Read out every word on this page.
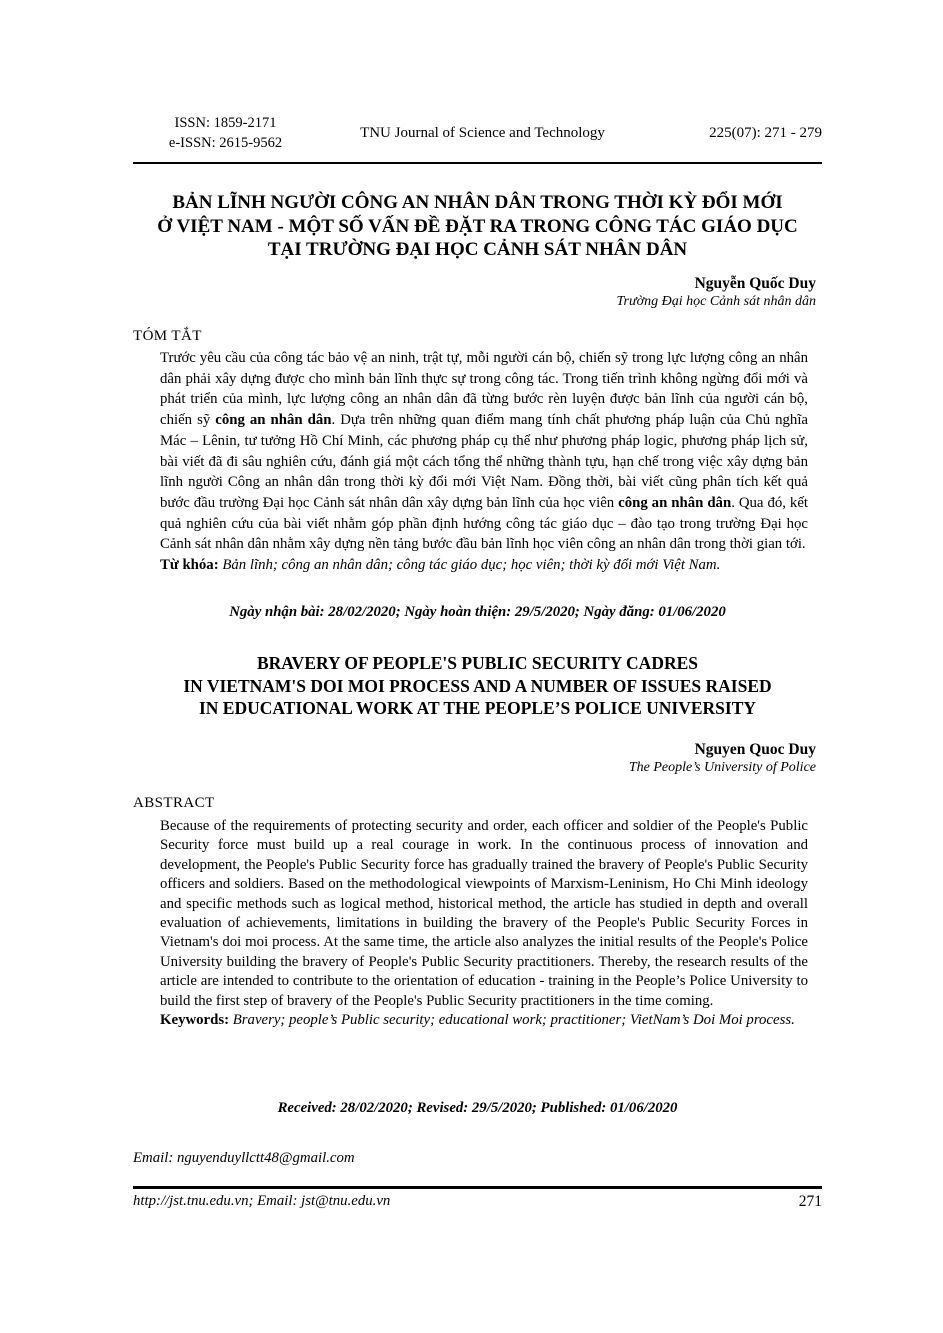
ISSN: 1859-2171
e-ISSN: 2615-9562
TNU Journal of Science and Technology	225(07): 271 - 279
BẢN LĨNH NGƯỜI CÔNG AN NHÂN DÂN TRONG THỜI KỲ ĐỔI MỚI
Ở VIỆT NAM - MỘT SỐ VẤN ĐỀ ĐẶT RA TRONG CÔNG TÁC GIÁO DỤC
TẠI TRƯỜNG ĐẠI HỌC CẢNH SÁT NHÂN DÂN
Nguyễn Quốc Duy
Trường Đại học Cảnh sát nhân dân
TÓM TẮT

Trước yêu cầu của công tác bảo vệ an ninh, trật tự, mỗi người cán bộ, chiến sỹ trong lực lượng công an nhân dân phải xây dựng được cho mình bản lĩnh thực sự trong công tác. Trong tiến trình không ngừng đổi mới và phát triển của mình, lực lượng công an nhân dân đã từng bước rèn luyện được bản lĩnh của người cán bộ, chiến sỹ công an nhân dân. Dựa trên những quan điểm mang tính chất phương pháp luận của Chủ nghĩa Mác – Lênin, tư tưởng Hồ Chí Minh, các phương pháp cụ thể như phương pháp logic, phương pháp lịch sử, bài viết đã đi sâu nghiên cứu, đánh giá một cách tổng thể những thành tựu, hạn chế trong việc xây dựng bản lĩnh người Công an nhân dân trong thời kỳ đổi mới Việt Nam. Đồng thời, bài viết cũng phân tích kết quả bước đầu trường Đại học Cảnh sát nhân dân xây dựng bản lĩnh của học viên công an nhân dân. Qua đó, kết quả nghiên cứu của bài viết nhằm góp phần định hướng công tác giáo dục – đào tạo trong trường Đại học Cảnh sát nhân dân nhằm xây dựng nền tảng bước đầu bản lĩnh học viên công an nhân dân trong thời gian tới.

Từ khóa: Bản lĩnh; công an nhân dân; công tác giáo dục; học viên; thời kỳ đổi mới Việt Nam.

Ngày nhận bài: 28/02/2020; Ngày hoàn thiện: 29/5/2020; Ngày đăng: 01/06/2020
BRAVERY OF PEOPLE'S PUBLIC SECURITY CADRES
IN VIETNAM'S DOI MOI PROCESS AND A NUMBER OF ISSUES RAISED
IN EDUCATIONAL WORK AT THE PEOPLE’S POLICE UNIVERSITY
Nguyen Quoc Duy
The People’s University of Police
ABSTRACT

Because of the requirements of protecting security and order, each officer and soldier of the People's Public Security force must build up a real courage in work. In the continuous process of innovation and development, the People's Public Security force has gradually trained the bravery of People's Public Security officers and soldiers. Based on the methodological viewpoints of Marxism-Leninism, Ho Chi Minh ideology and specific methods such as logical method, historical method, the article has studied in depth and overall evaluation of achievements, limitations in building the bravery of the People's Public Security Forces in Vietnam's doi moi process. At the same time, the article also analyzes the initial results of the People's Police University building the bravery of People's Public Security practitioners. Thereby, the research results of the article are intended to contribute to the orientation of education - training in the People’s Police University to build the first step of bravery of the People's Public Security practitioners in the time coming.

Keywords: Bravery; people’s Public security; educational work; practitioner; VietNam’s Doi Moi process.

Received: 28/02/2020; Revised: 29/5/2020; Published: 01/06/2020
Email: nguyenduyllctt48@gmail.com
http://jst.tnu.edu.vn; Email: jst@tnu.edu.vn	271
